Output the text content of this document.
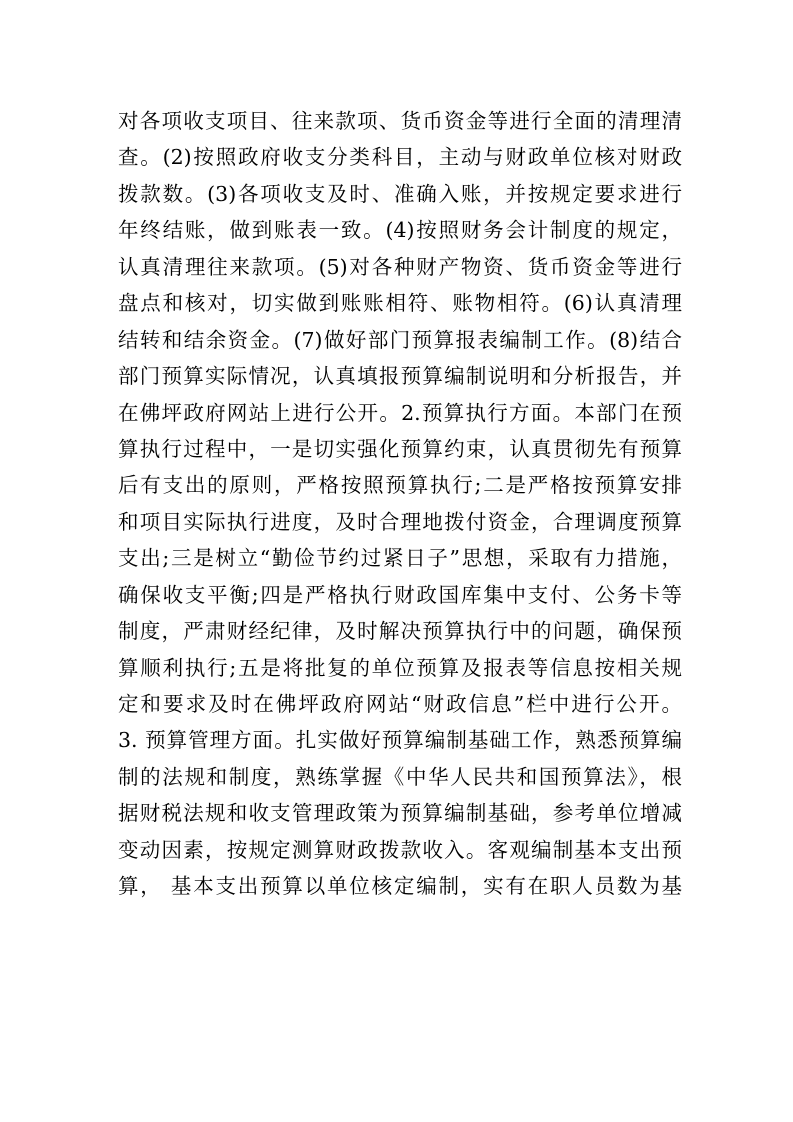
对各项收支项目、往来款项、货币资金等进行全面的清理清
查。(2)按照政府收支分类科目，主动与财政单位核对财政
拨款数。(3)各项收支及时、准确入账，并按规定要求进行
年终结账，做到账表一致。(4)按照财务会计制度的规定，
认真清理往来款项。(5)对各种财产物资、货币资金等进行
盘点和核对，切实做到账账相符、账物相符。(6)认真清理
结转和结余资金。(7)做好部门预算报表编制工作。(8)结合
部门预算实际情况，认真填报预算编制说明和分析报告，并
在佛坪政府网站上进行公开。2.预算执行方面。本部门在预
算执行过程中，一是切实强化预算约束，认真贯彻先有预算
后有支出的原则，严格按照预算执行;二是严格按预算安排
和项目实际执行进度，及时合理地拨付资金，合理调度预算
支出;三是树立“勤俭节约过紧日子”思想，采取有力措施，
确保收支平衡;四是严格执行财政国库集中支付、公务卡等
制度，严肃财经纪律，及时解决预算执行中的问题，确保预
算顺利执行;五是将批复的单位预算及报表等信息按相关规
定和要求及时在佛坪政府网站“财政信息”栏中进行公开。
3. 预算管理方面。扎实做好预算编制基础工作，熟悉预算编
制的法规和制度，熟练掌握《中华人民共和国预算法》，根
据财税法规和收支管理政策为预算编制基础，参考单位增减
变动因素，按规定测算财政拨款收入。客观编制基本支出预
算， 基本支出预算以单位核定编制，实有在职人员数为基
